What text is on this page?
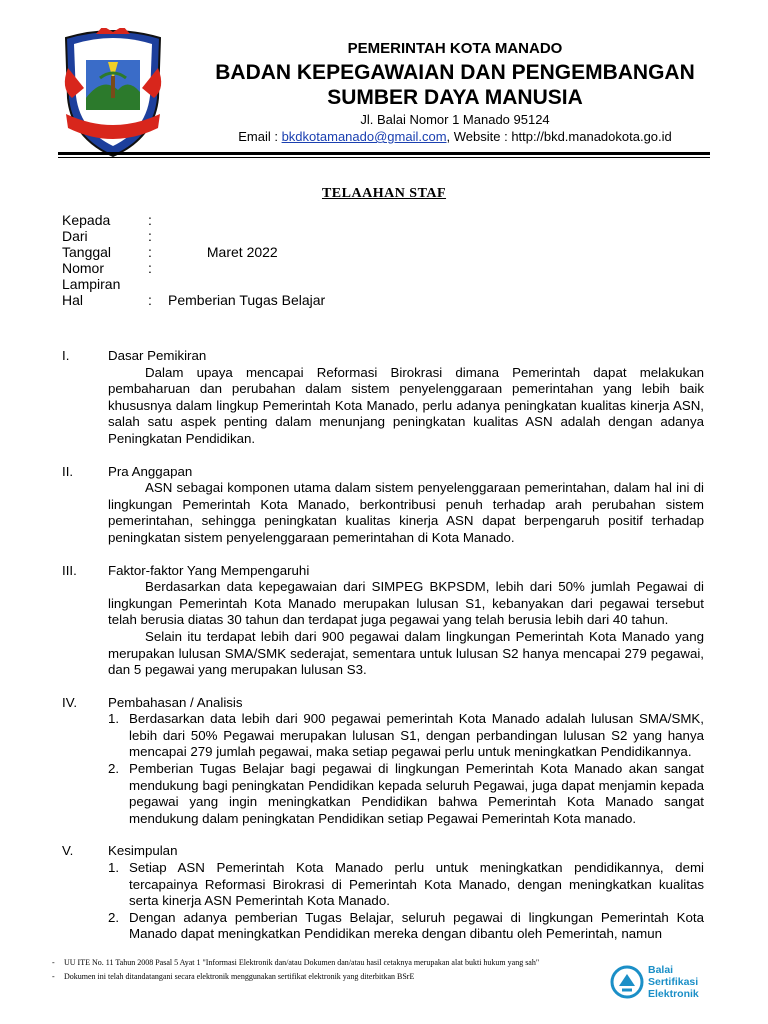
PEMERINTAH KOTA MANADO
BADAN KEPEGAWAIAN DAN PENGEMBANGAN
SUMBER DAYA MANUSIA
Jl. Balai Nomor 1 Manado 95124
Email : bkdkotamanado@gmail.com, Website : http://bkd.manadokota.go.id
TELAAHAN STAF
Kepada	:
Dari	:
Tanggal	: Maret 2022
Nomor	:
Lampiran
Hal	: Pemberian Tugas Belajar
I.	Dasar Pemikiran
Dalam upaya mencapai Reformasi Birokrasi dimana Pemerintah dapat melakukan pembaharuan dan perubahan dalam sistem penyelenggaraan pemerintahan yang lebih baik khususnya dalam lingkup Pemerintah Kota Manado, perlu adanya peningkatan kualitas kinerja ASN, salah satu aspek penting dalam menunjang peningkatan kualitas ASN adalah dengan adanya Peningkatan Pendidikan.
II.	Pra Anggapan
ASN sebagai komponen utama dalam sistem penyelenggaraan pemerintahan, dalam hal ini di lingkungan Pemerintah Kota Manado, berkontribusi penuh terhadap arah perubahan sistem pemerintahan, sehingga peningkatan kualitas kinerja ASN dapat berpengaruh positif terhadap peningkatan sistem penyelenggaraan pemerintahan di Kota Manado.
III. Faktor-faktor Yang Mempengaruhi
Berdasarkan data kepegawaian dari SIMPEG BKPSDM, lebih dari 50% jumlah Pegawai di lingkungan Pemerintah Kota Manado merupakan lulusan S1, kebanyakan dari pegawai tersebut telah berusia diatas 30 tahun dan terdapat juga pegawai yang telah berusia lebih dari 40 tahun.
Selain itu terdapat lebih dari 900 pegawai dalam lingkungan Pemerintah Kota Manado yang merupakan lulusan SMA/SMK sederajat, sementara untuk lulusan S2 hanya mencapai 279 pegawai, dan 5 pegawai yang merupakan lulusan S3.
IV. Pembahasan / Analisis
1. Berdasarkan data lebih dari 900 pegawai pemerintah Kota Manado adalah lulusan SMA/SMK, lebih dari 50% Pegawai merupakan lulusan S1, dengan perbandingan lulusan S2 yang hanya mencapai 279 jumlah pegawai, maka setiap pegawai perlu untuk meningkatkan Pendidikannya.
2. Pemberian Tugas Belajar bagi pegawai di lingkungan Pemerintah Kota Manado akan sangat mendukung bagi peningkatan Pendidikan kepada seluruh Pegawai, juga dapat menjamin kepada pegawai yang ingin meningkatkan Pendidikan bahwa Pemerintah Kota Manado sangat mendukung dalam peningkatan Pendidikan setiap Pegawai Pemerintah Kota manado.
V.	Kesimpulan
1. Setiap ASN Pemerintah Kota Manado perlu untuk meningkatkan pendidikannya, demi tercapainya Reformasi Birokrasi di Pemerintah Kota Manado, dengan meningkatkan kualitas serta kinerja ASN Pemerintah Kota Manado.
2. Dengan adanya pemberian Tugas Belajar, seluruh pegawai di lingkungan Pemerintah Kota Manado dapat meningkatkan Pendidikan mereka dengan dibantu oleh Pemerintah, namun
- UU ITE No. 11 Tahun 2008 Pasal 5 Ayat 1 "Informasi Elektronik dan/atau Dokumen dan/atau hasil cetaknya merupakan alat bukti hukum yang sah"
- Dokumen ini telah ditandatangani secara elektronik menggunakan sertifikat elektronik yang diterbitkan BSrE
Balai
Sertifikasi
Elektronik
